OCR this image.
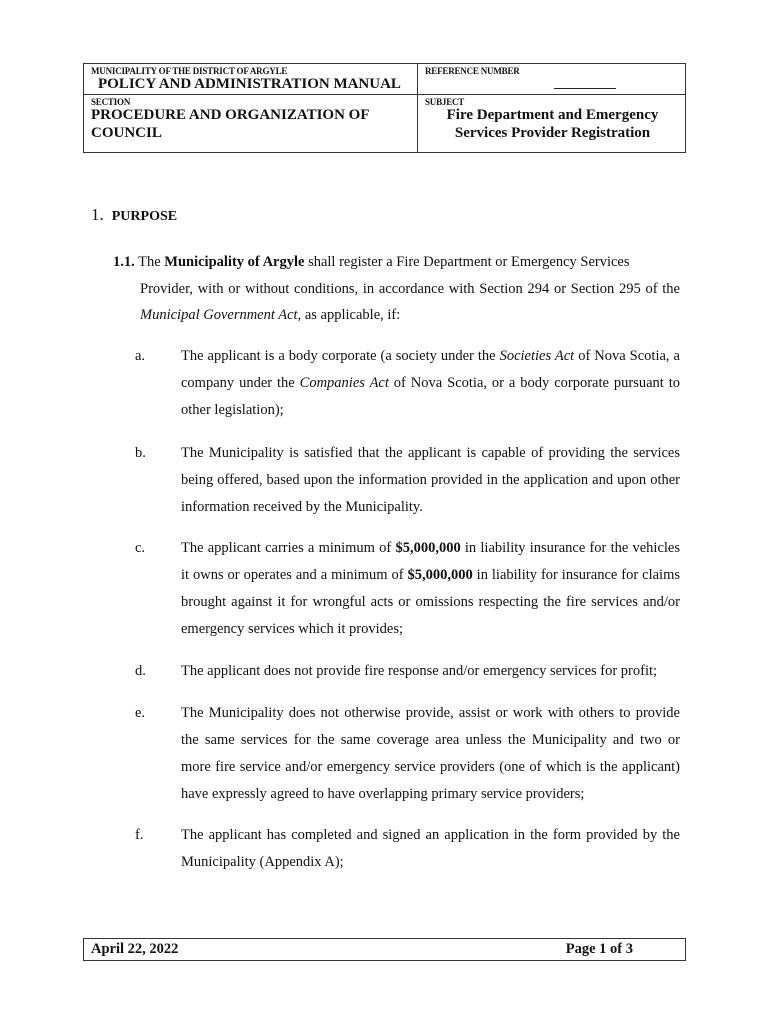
MUNICIPALITY OF THE DISTRICT OF ARGYLE
POLICY AND ADMINISTRATION MANUAL
REFERENCE NUMBER
SECTION
PROCEDURE AND ORGANIZATION OF
COUNCIL
SUBJECT
Fire Department and Emergency
Services Provider Registration
1. PURPOSE
1.1. The Municipality of Argyle shall register a Fire Department or Emergency Services
Provider, with or without conditions, in accordance with Section 294 or Section 295 of the Municipal Government Act, as applicable, if:
a. The applicant is a body corporate (a society under the Societies Act of Nova Scotia, a company under the Companies Act of Nova Scotia, or a body corporate pursuant to other legislation);
b. The Municipality is satisfied that the applicant is capable of providing the services being offered, based upon the information provided in the application and upon other information received by the Municipality.
c. The applicant carries a minimum of $5,000,000 in liability insurance for the vehicles it owns or operates and a minimum of $5,000,000 in liability for insurance for claims brought against it for wrongful acts or omissions respecting the fire services and/or emergency services which it provides;
d. The applicant does not provide fire response and/or emergency services for profit;
e. The Municipality does not otherwise provide, assist or work with others to provide the same services for the same coverage area unless the Municipality and two or more fire service and/or emergency service providers (one of which is the applicant) have expressly agreed to have overlapping primary service providers;
f.	The applicant has completed and signed an application in the form provided by the Municipality (Appendix A);
April 22, 2022	Page 1 of 3
